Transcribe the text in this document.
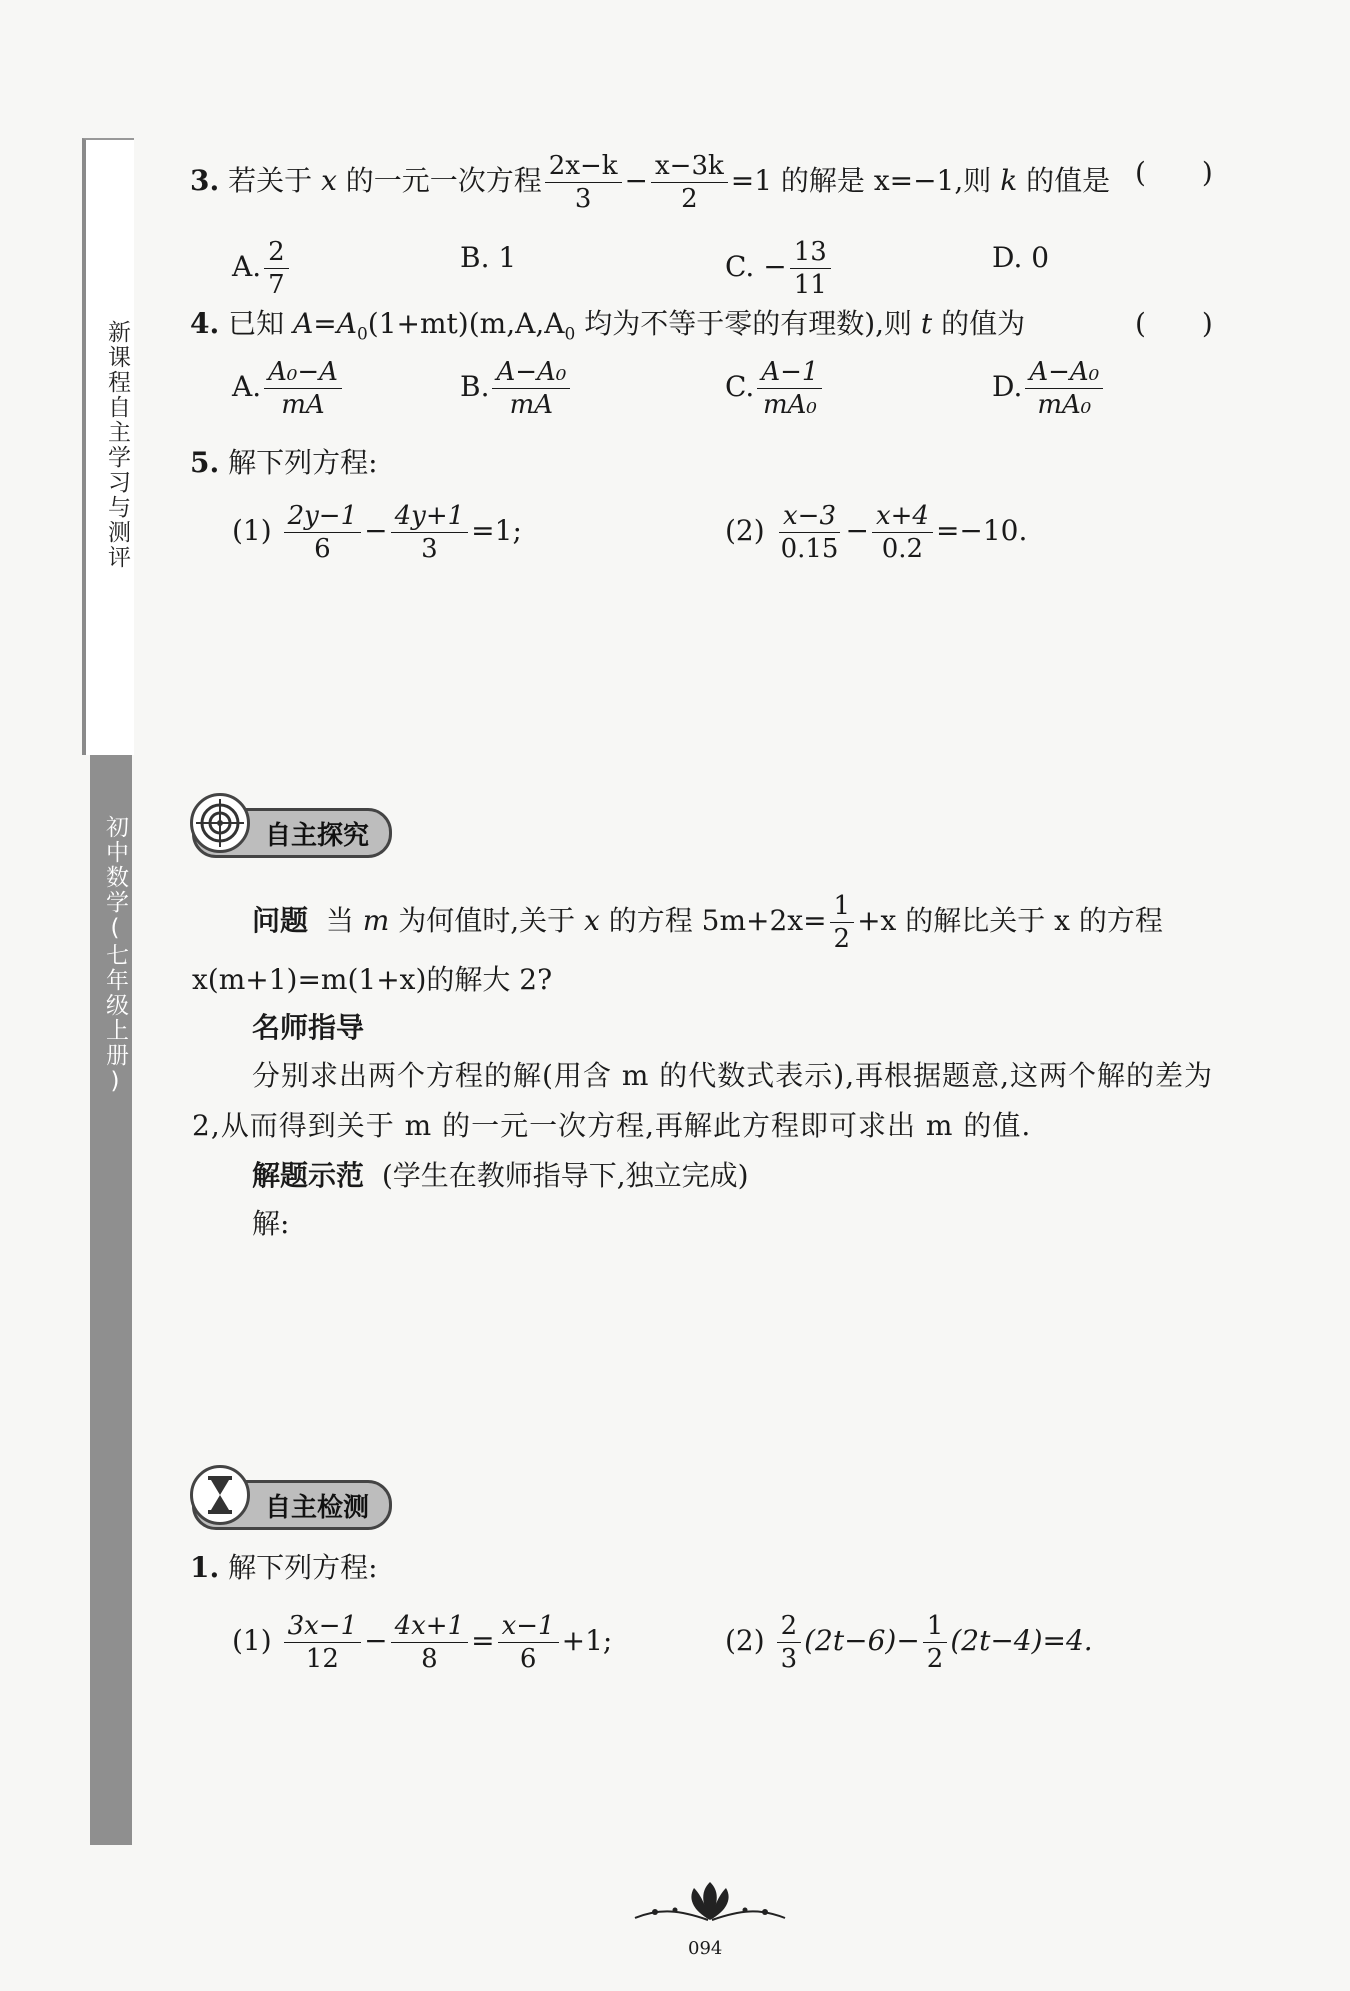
新课程自主学习与测评
初中数学(七年级上册)
3. 若关于 x 的一元一次方程 $\frac{2x-k}{3} - \frac{x-3k}{2} =1$ 的解是 x=−1,则 k 的值是 (　　)
A. $\frac{2}{7}$	B. 1	C. − $\frac{13}{11}$	D. 0
4. 已知 $A=A_0(1+mt)(m,A,A_0$ 均为不等于零的有理数),则 t 的值为	(　　)
A. $\frac{\text{A₀−A}}{mA}$	B. $\frac{\text{A−A₀}}{mA}$	C. $\frac{A-1}{\text{mA₀}}$	D. $\frac{\text{A−A₀}}{\text{mA₀}}$
5. 解下列方程:
$(1) \frac{2y-1}{6} - \frac{4y+1}{3} =1$;	$(2) \frac{x-3}{0.15} - \frac{x+4}{0.2} =-10$.
自主探究
问题 当 m 为何值时,关于 x 的方程 $5m+2x= \frac{1}{2} +x$ 的解比关于 x 的方程
x(m+1)=m(1+x)的解大 2?
名师指导
分别求出两个方程的解(用含 m 的代数式表示),再根据题意,这两个解的差为
2,从而得到关于 m 的一元一次方程,再解此方程即可求出 m 的值.
解题示范 (学生在教师指导下,独立完成)
解:
自主检测
1. 解下列方程:
$(1) \frac{3x-1}{12} - \frac{4x+1}{8} = \frac{x-1}{6} +1$;	$(2) \frac{2}{3} (2t-6)- \frac{1}{2} (2t-4)=4$.
094
